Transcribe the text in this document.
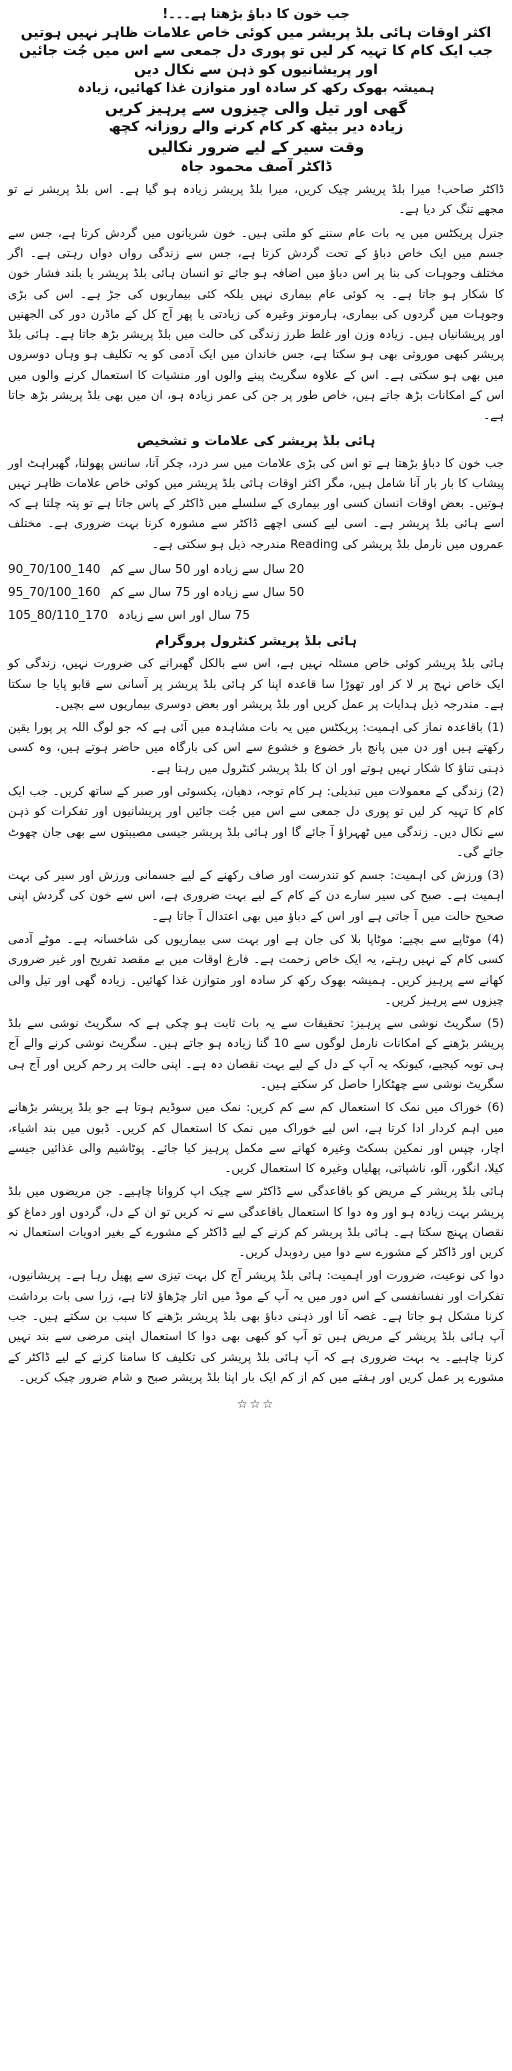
جب خون کا دباؤ بڑھتا ہے۔۔۔!

اکثر اوقات ہائی بلڈ پریشر میں کوئی خاص علامات ظاہر نہیں ہوتیں

جب ایک کام کا تہیہ کر لیں تو پوری دل جمعی سے اس میں جُت جائیں اور پریشانیوں کو ذہن سے نکال دیں

ہمیشہ بھوک رکھ کر سادہ اور متوازن غذا کھائیں، زیادہ

گھی اور تیل والی چیزوں سے پرہیز کریں

زیادہ دیر بیٹھ کر کام کرنے والے روزانہ کچھ

وقت سیر کے لیے ضرور نکالیں

ڈاکٹر آصف محمود جاہ

ڈاکٹر صاحب! میرا بلڈ پریشر چیک کریں، میرا بلڈ پریشر زیادہ ہو گیا ہے۔ اس بلڈ پریشر نے تو مجھے تنگ کر دیا ہے۔

جنرل پریکٹس میں یہ بات عام سننے کو ملتی ہیں۔ خون شریانوں میں گردش کرتا ہے، جس سے جسم میں ایک خاص دباؤ کے تحت گردش کرتا ہے، جس سے زندگی رواں دواں رہتی ہے۔ اگر مختلف وجوہات کی بنا پر اس دباؤ میں اضافہ ہو جائے تو انسان ہائی بلڈ پریشر یا بلند فشار خون کا شکار ہو جاتا ہے۔ یہ کوئی عام بیماری نہیں بلکہ کئی بیماریوں کی جڑ ہے۔ اس کی بڑی وجوہات میں گردوں کی بیماری، ہارمونز وغیرہ کی زیادتی یا پھر آج کل کے ماڈرن دور کی الجھنیں اور پریشانیاں ہیں۔ زیادہ وزن اور غلط طرز زندگی کی حالت میں بلڈ پریشر بڑھ جاتا ہے۔ ہائی بلڈ پریشر کبھی موروثی بھی ہو سکتا ہے، جس خاندان میں ایک آدمی کو یہ تکلیف ہو وہاں دوسروں میں بھی ہو سکتی ہے۔ اس کے علاوہ سگریٹ پینے والوں اور منشیات کا استعمال کرنے والوں میں اس کے امکانات بڑھ جاتے ہیں، خاص طور پر جن کی عمر زیادہ ہو، ان میں بھی بلڈ پریشر بڑھ جاتا ہے۔

ہائی بلڈ پریشر کی علامات و تشخیص

جب خون کا دباؤ بڑھتا ہے تو اس کی بڑی علامات میں سر درد، چکر آنا، سانس پھولنا، گھبراہٹ اور پیشاب کا بار بار آنا شامل ہیں، مگر اکثر اوقات ہائی بلڈ پریشر میں کوئی خاص علامات ظاہر نہیں ہوتیں۔ بعض اوقات انسان کسی اور بیماری کے سلسلے میں ڈاکٹر کے پاس جاتا ہے تو پتہ چلتا ہے کہ اسے ہائی بلڈ پریشر ہے۔ اسی لیے کسی اچھے ڈاکٹر سے مشورہ کرنا بہت ضروری ہے۔ مختلف عمروں میں نارمل بلڈ پریشر کی Reading مندرجہ ذیل ہو سکتی ہے۔

20 سال سے زیادہ اور 50 سال سے کم
90_70/100_140
50 سال سے زیادہ اور 75 سال سے کم
95_70/100_160
75 سال اور اس سے زیادہ
105_80/110_170
ہائی بلڈ پریشر کنٹرول پروگرام

ہائی بلڈ پریشر کوئی خاص مسئلہ نہیں ہے، اس سے بالکل گھبرانے کی ضرورت نہیں، زندگی کو ایک خاص نہج پر لا کر اور تھوڑا سا قاعدہ اپنا کر ہائی بلڈ پریشر پر آسانی سے قابو پایا جا سکتا ہے۔ مندرجہ ذیل ہدایات پر عمل کریں اور بلڈ پریشر اور بعض دوسری بیماریوں سے بچیں۔

(1) باقاعدہ نماز کی اہمیت: پریکٹس میں یہ بات مشاہدہ میں آئی ہے کہ جو لوگ اللہ پر پورا یقین رکھتے ہیں اور دن میں پانچ بار خضوع و خشوع سے اس کی بارگاہ میں حاضر ہوتے ہیں، وہ کسی ذہنی تناؤ کا شکار نہیں ہوتے اور ان کا بلڈ پریشر کنٹرول میں رہتا ہے۔

(2) زندگی کے معمولات میں تبدیلی: ہر کام توجہ، دھیان، یکسوئی اور صبر کے ساتھ کریں۔ جب ایک کام کا تہیہ کر لیں تو پوری دل جمعی سے اس میں جُت جائیں اور پریشانیوں اور تفکرات کو ذہن سے نکال دیں۔ زندگی میں ٹھہراؤ آ جائے گا اور ہائی بلڈ پریشر جیسی مصیبتوں سے بھی جان چھوٹ جائے گی۔

(3) ورزش کی اہمیت: جسم کو تندرست اور صاف رکھنے کے لیے جسمانی ورزش اور سیر کی بہت اہمیت ہے۔ صبح کی سیر سارے دن کے کام کے لیے بہت ضروری ہے، اس سے خون کی گردش اپنی صحیح حالت میں آ جاتی ہے اور اس کے دباؤ میں بھی اعتدال آ جاتا ہے۔

(4) موٹاپے سے بچیے: موٹاپا بلا کی جان ہے اور بہت سی بیماریوں کی شاخسانہ ہے۔ موٹے آدمی کسی کام کے نہیں رہتے، یہ ایک خاص زحمت ہے۔ فارغ اوقات میں بے مقصد تفریح اور غیر ضروری کھانے سے پرہیز کریں۔ ہمیشہ بھوک رکھ کر سادہ اور متوازن غذا کھائیں۔ زیادہ گھی اور تیل والی چیزوں سے پرہیز کریں۔

(5) سگریٹ نوشی سے پرہیز: تحقیقات سے یہ بات ثابت ہو چکی ہے کہ سگریٹ نوشی سے بلڈ پریشر بڑھنے کے امکانات نارمل لوگوں سے 10 گنا زیادہ ہو جاتے ہیں۔ سگریٹ نوشی کرنے والے آج ہی توبہ کیجیے، کیونکہ یہ آپ کے دل کے لیے بہت نقصان دہ ہے۔ اپنی حالت پر رحم کریں اور آج ہی سگریٹ نوشی سے چھٹکارا حاصل کر سکتے ہیں۔

(6) خوراک میں نمک کا استعمال کم سے کم کریں: نمک میں سوڈیم ہوتا ہے جو بلڈ پریشر بڑھانے میں اہم کردار ادا کرتا ہے، اس لیے خوراک میں نمک کا استعمال کم کریں۔ ڈبوں میں بند اشیاء، اچار، چپس اور نمکین بسکٹ وغیرہ کھانے سے مکمل پرہیز کیا جائے۔ پوٹاشیم والی غذائیں جیسے کیلا، انگور، آلو، ناشپاتی، پھلیاں وغیرہ کا استعمال کریں۔

ہائی بلڈ پریشر کے مریض کو باقاعدگی سے ڈاکٹر سے چیک اپ کروانا چاہیے۔ جن مریضوں میں بلڈ پریشر بہت زیادہ ہو اور وہ دوا کا استعمال باقاعدگی سے نہ کریں تو ان کے دل، گردوں اور دماغ کو نقصان پہنچ سکتا ہے۔ ہائی بلڈ پریشر کم کرنے کے لیے ڈاکٹر کے مشورے کے بغیر ادویات استعمال نہ کریں اور ڈاکٹر کے مشورے سے دوا میں ردوبدل کریں۔

دوا کی نوعیت، ضرورت اور اہمیت: ہائی بلڈ پریشر آج کل بہت تیزی سے پھیل رہا ہے۔ پریشانیوں، تفکرات اور نفسانفسی کے اس دور میں یہ آپ کے موڈ میں اتار چڑھاؤ لاتا ہے، زرا سی بات برداشت کرنا مشکل ہو جاتا ہے۔ غصہ آنا اور ذہنی دباؤ بھی بلڈ پریشر بڑھنے کا سبب بن سکتے ہیں۔ جب آپ ہائی بلڈ پریشر کے مریض ہیں تو آپ کو کبھی بھی دوا کا استعمال اپنی مرضی سے بند نہیں کرنا چاہیے۔ یہ بہت ضروری ہے کہ آپ ہائی بلڈ پریشر کی تکلیف کا سامنا کرنے کے لیے ڈاکٹر کے مشورے پر عمل کریں اور ہفتے میں کم از کم ایک بار اپنا بلڈ پریشر صبح و شام ضرور چیک کریں۔

☆☆☆
